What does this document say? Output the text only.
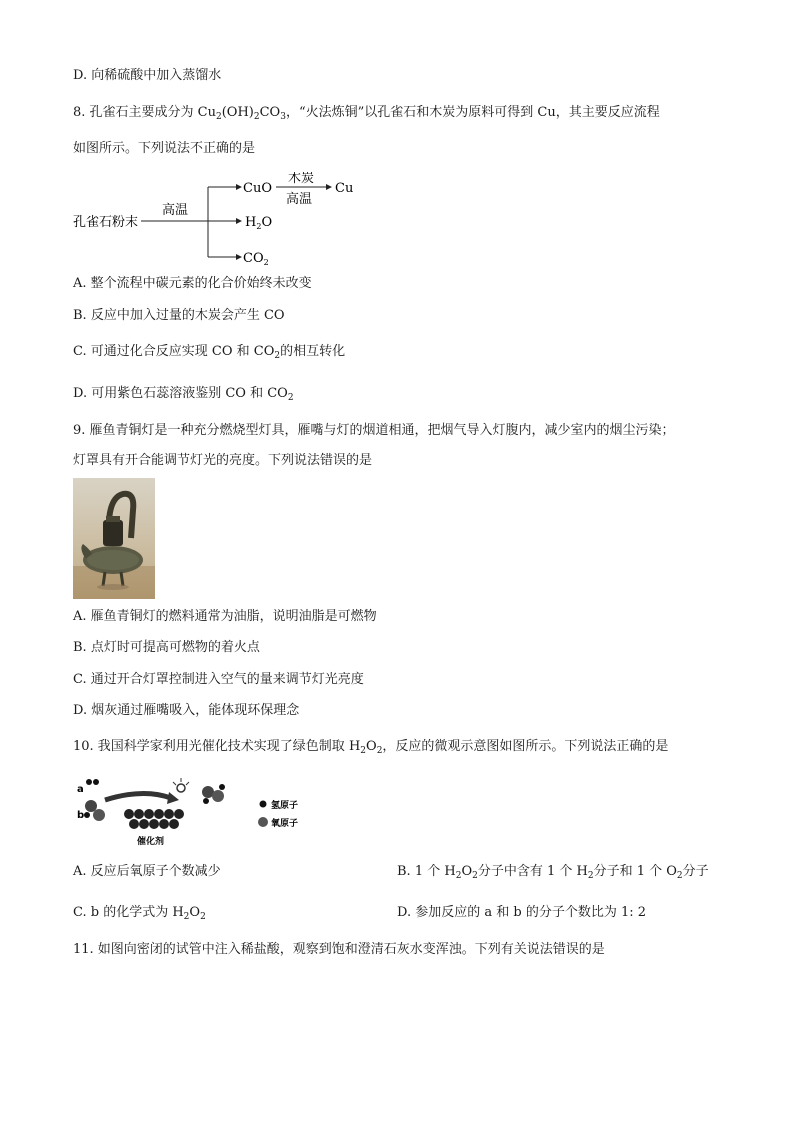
D. 向稀硫酸中加入蒸馏水
8. 孔雀石主要成分为 $Cu_2(OH)_2CO_3$，“火法炼铜”以孔雀石和木炭为原料可得到 Cu，其主要反应流程
如图所示。下列说法不正确的是
孔雀石粉末
高温
CuO
$H_2O$
$CO_2$
木炭
高温
Cu
A. 整个流程中碳元素的化合价始终未改变
B. 反应中加入过量的木炭会产生 CO
C. 可通过化合反应实现 CO 和 $CO_2$的相互转化
D. 可用紫色石蕊溶液鉴别 CO 和 $CO_2$
9. 雁鱼青铜灯是一种充分燃烧型灯具，雁嘴与灯的烟道相通，把烟气导入灯腹内，减少室内的烟尘污染；
灯罩具有开合能调节灯光的亮度。下列说法错误的是
A. 雁鱼青铜灯的燃料通常为油脂，说明油脂是可燃物
B. 点灯时可提高可燃物的着火点
C. 通过开合灯罩控制进入空气的量来调节灯光亮度
D. 烟灰通过雁嘴吸入，能体现环保理念
10. 我国科学家利用光催化技术实现了绿色制取 $H_2O_2$，反应的微观示意图如图所示。下列说法正确的是
a
b
催化剂
氢原子
氧原子
A. 反应后氧原子个数减少	B. 1 个 $H_2O_2$分子中含有 1 个 $H_2$分子和 1 个 $O_2$分子
C. b 的化学式为 $H_2O_2$	D. 参加反应的 a 和 b 的分子个数比为 1: 2
11. 如图向密闭的试管中注入稀盐酸，观察到饱和澄清石灰水变浑浊。下列有关说法错误的是
